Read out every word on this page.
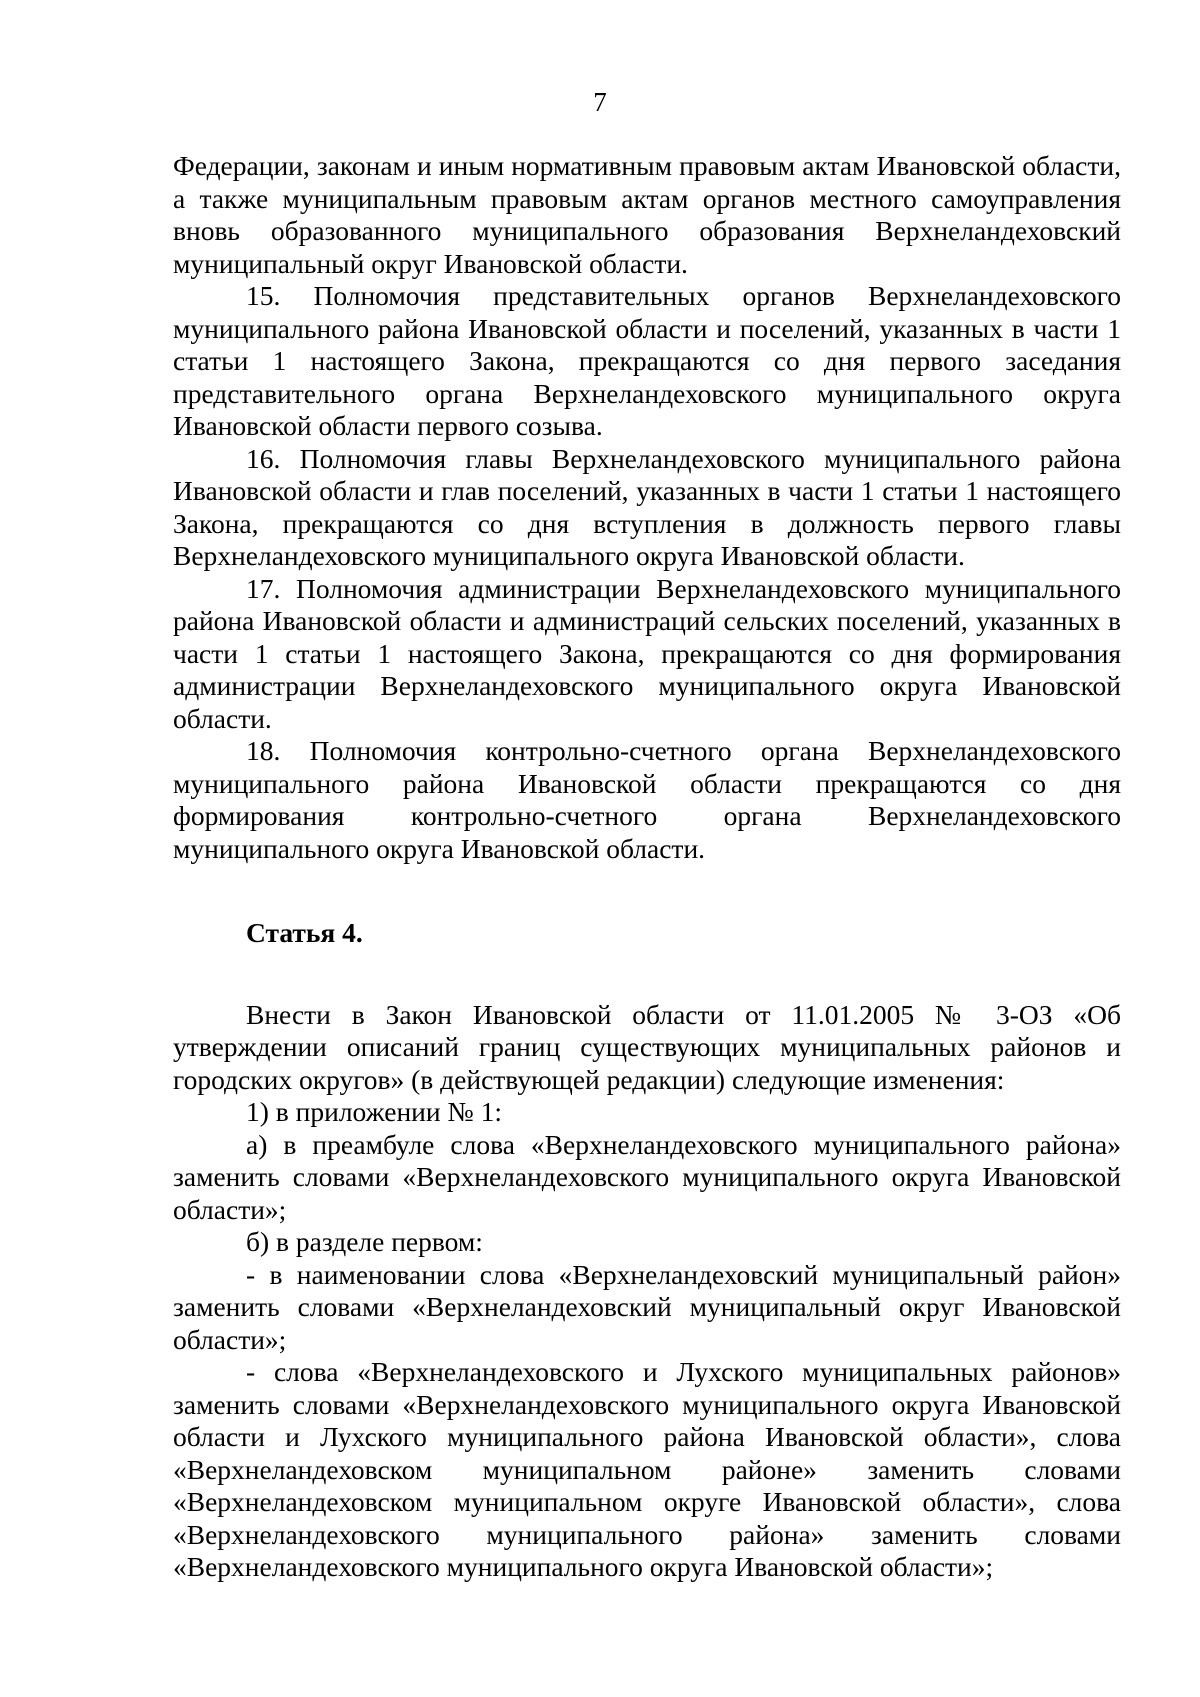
7

Федерации, законам и иным нормативным правовым актам Ивановской области, а также муниципальным правовым актам органов местного самоуправления вновь образованного муниципального образования Верхнеландеховский муниципальный округ Ивановской области.

15. Полномочия представительных органов Верхнеландеховского муниципального района Ивановской области и поселений, указанных в части 1 статьи 1 настоящего Закона, прекращаются со дня первого заседания представительного органа Верхнеландеховского муниципального округа Ивановской области первого созыва.

16. Полномочия главы Верхнеландеховского муниципального района Ивановской области и глав поселений, указанных в части 1 статьи 1 настоящего Закона, прекращаются со дня вступления в должность первого главы Верхнеландеховского муниципального округа Ивановской области.

17. Полномочия администрации Верхнеландеховского муниципального района Ивановской области и администраций сельских поселений, указанных в части 1 статьи 1 настоящего Закона, прекращаются со дня формирования администрации Верхнеландеховского муниципального округа Ивановской области.

18. Полномочия контрольно-счетного органа Верхнеландеховского муниципального района Ивановской области прекращаются со дня формирования контрольно-счетного органа Верхнеландеховского муниципального округа Ивановской области.

Статья 4.

Внести в Закон Ивановской области от 11.01.2005 № 3-ОЗ «Об утверждении описаний границ существующих муниципальных районов и городских округов» (в действующей редакции) следующие изменения:

1) в приложении № 1:

а) в преамбуле слова «Верхнеландеховского муниципального района» заменить словами «Верхнеландеховского муниципального округа Ивановской области»;

б) в разделе первом:

- в наименовании слова «Верхнеландеховский муниципальный район» заменить словами «Верхнеландеховский муниципальный округ Ивановской области»;

- слова «Верхнеландеховского и Лухского муниципальных районов» заменить словами «Верхнеландеховского муниципального округа Ивановской области и Лухского муниципального района Ивановской области», слова «Верхнеландеховском муниципальном районе» заменить словами «Верхнеландеховском муниципальном округе Ивановской области», слова «Верхнеландеховского муниципального района» заменить словами «Верхнеландеховского муниципального округа Ивановской области»;
